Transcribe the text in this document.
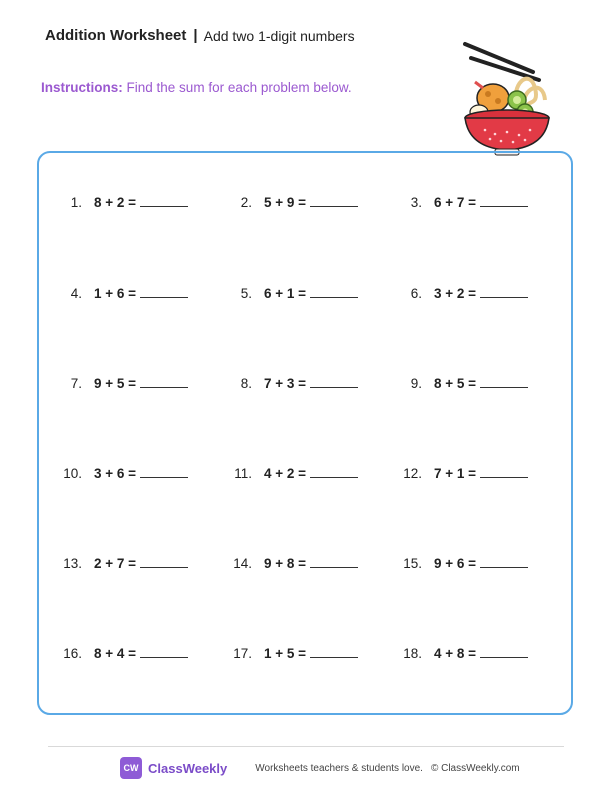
Addition Worksheet | Add two 1-digit numbers
Instructions: Find the sum for each problem below.
1. 8 + 2 =	2. 5 + 9 =	3. 6 + 7 =
4. 1 + 6 =	5. 6 + 1 =	6. 3 + 2 =
7. 9 + 5 =	8. 7 + 3 =	9. 8 + 5 =
10. 3 + 6 =	11. 4 + 2 =	12. 7 + 1 =
13. 2 + 7 =	14. 9 + 8 =	15. 9 + 6 =
16. 8 + 4 =	17. 1 + 5 =	18. 4 + 8 =
CW ClassWeekly	Worksheets teachers & students love. © ClassWeekly.com
